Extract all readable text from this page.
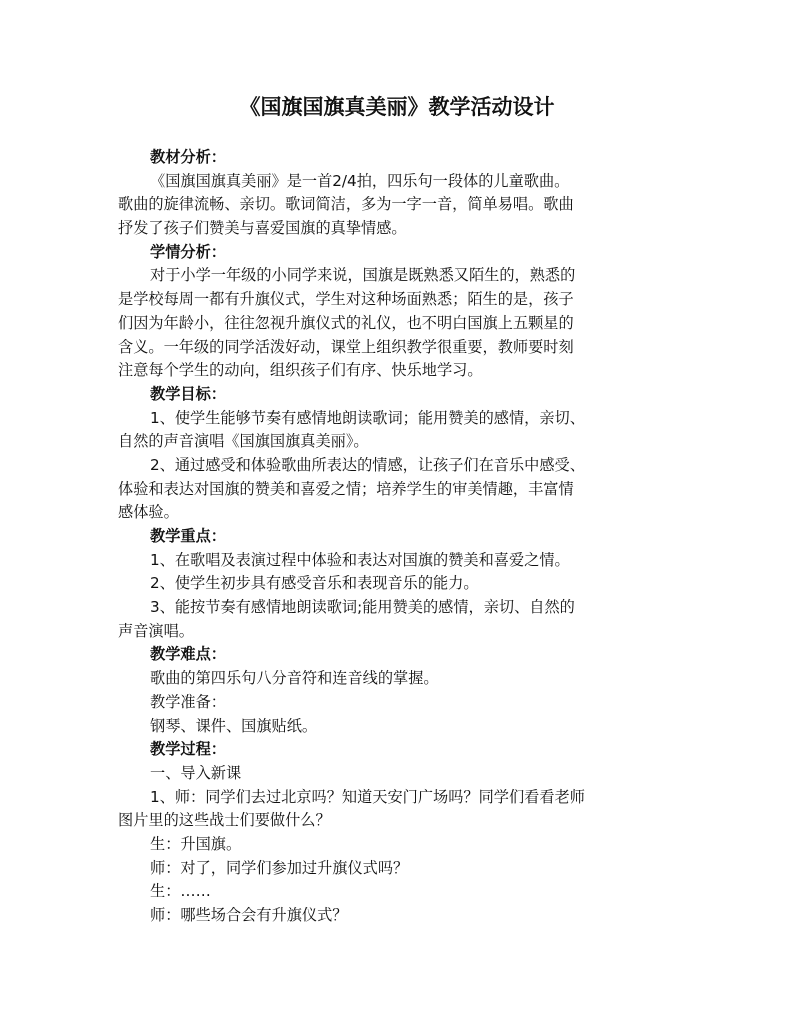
《国旗国旗真美丽》教学活动设计
教材分析：
《国旗国旗真美丽》是一首2/4拍，四乐句一段体的儿童歌曲。
歌曲的旋律流畅、亲切。歌词简洁，多为一字一音，简单易唱。歌曲
抒发了孩子们赞美与喜爱国旗的真挚情感。
学情分析：
对于小学一年级的小同学来说，国旗是既熟悉又陌生的，熟悉的
是学校每周一都有升旗仪式，学生对这种场面熟悉；陌生的是，孩子
们因为年龄小，往往忽视升旗仪式的礼仪，也不明白国旗上五颗星的
含义。一年级的同学活泼好动，课堂上组织教学很重要，教师要时刻
注意每个学生的动向，组织孩子们有序、快乐地学习。
教学目标：
1、使学生能够节奏有感情地朗读歌词；能用赞美的感情，亲切、
自然的声音演唱《国旗国旗真美丽》。
2、通过感受和体验歌曲所表达的情感，让孩子们在音乐中感受、
体验和表达对国旗的赞美和喜爱之情；培养学生的审美情趣，丰富情
感体验。
教学重点：
1、在歌唱及表演过程中体验和表达对国旗的赞美和喜爱之情。
2、使学生初步具有感受音乐和表现音乐的能力。
3、能按节奏有感情地朗读歌词;能用赞美的感情，亲切、自然的
声音演唱。
教学难点：
歌曲的第四乐句八分音符和连音线的掌握。
教学准备：
钢琴、课件、国旗贴纸。
教学过程：
一、导入新课
1、师：同学们去过北京吗？知道天安门广场吗？同学们看看老师
图片里的这些战士们要做什么？
生：升国旗。
师：对了，同学们参加过升旗仪式吗？
生：……
师：哪些场合会有升旗仪式？
